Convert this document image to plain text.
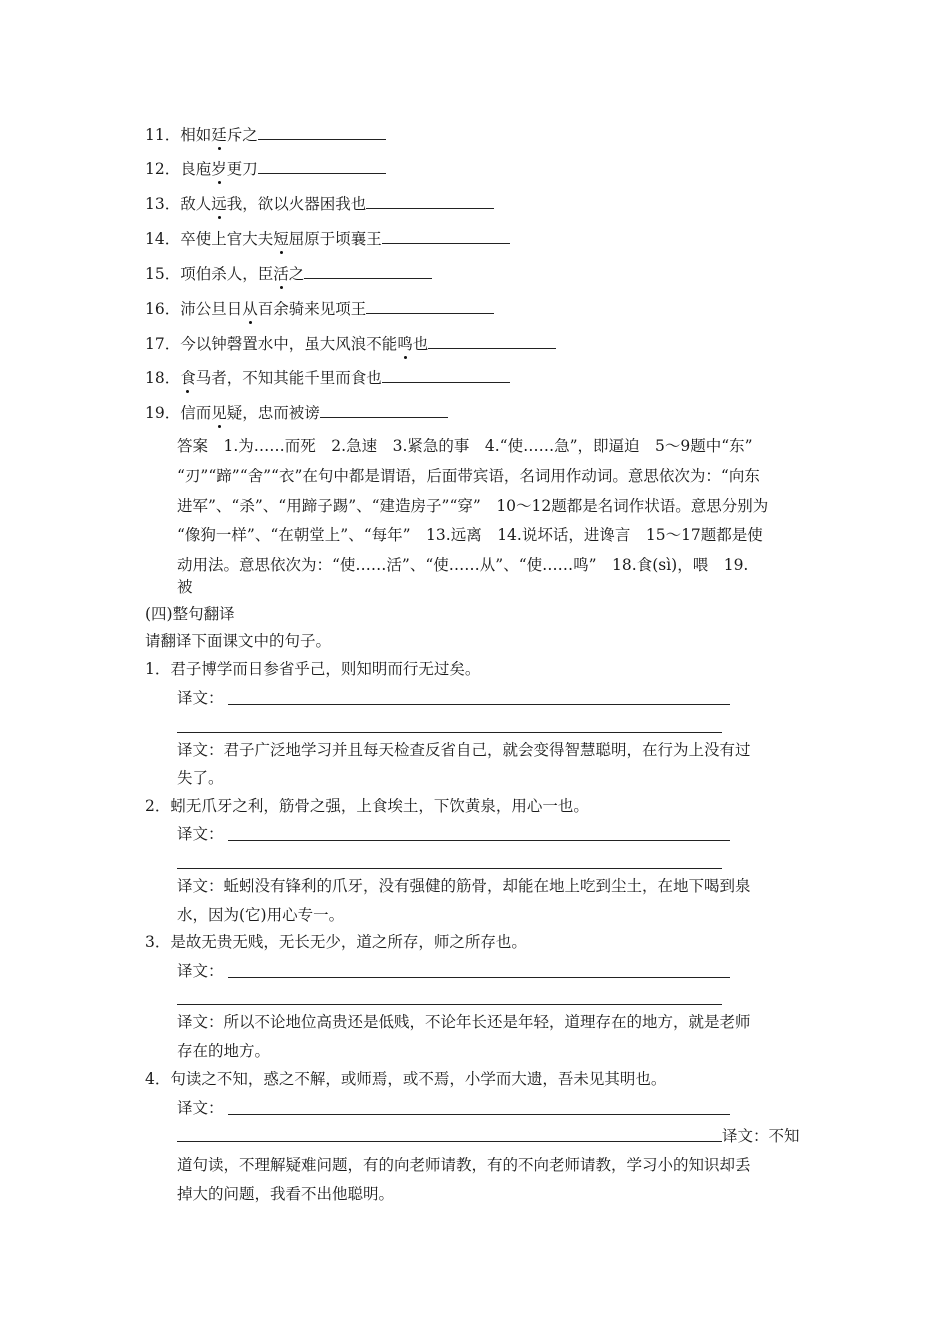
11．相如廷斥之
12．良庖岁更刀
13．敌人远我，欲以火器困我也
14．卒使上官大夫短屈原于顷襄王
15．项伯杀人，臣活之
16．沛公旦日从百余骑来见项王
17．今以钟磬置水中，虽大风浪不能鸣也
18．食马者，不知其能千里而食也
19．信而见疑，忠而被谤
答案　1.为……而死　2.急速　3.紧急的事　4.“使……急”，即逼迫　5～9题中“东”
“刃”“蹄”“舍”“衣”在句中都是谓语，后面带宾语，名词用作动词。意思依次为：“向东
进军”、“杀”、“用蹄子踢”、“建造房子”“穿”　10～12题都是名词作状语。意思分别为
“像狗一样”、“在朝堂上”、“每年”　13.远离　14.说坏话，进谗言　15～17题都是使
动用法。意思依次为：“使……活”、“使……从”、“使……鸣”　18.食(sì)，喂　19.
被
(四)整句翻译
请翻译下面课文中的句子。
1．君子博学而日参省乎己，则知明而行无过矣。
译文：
译文：君子广泛地学习并且每天检查反省自己，就会变得智慧聪明，在行为上没有过
失了。
2．蚓无爪牙之利，筋骨之强，上食埃土，下饮黄泉，用心一也。
译文：
译文：蚯蚓没有锋利的爪牙，没有强健的筋骨，却能在地上吃到尘土，在地下喝到泉
水，因为(它)用心专一。
3．是故无贵无贱，无长无少，道之所存，师之所存也。
译文：
译文：所以不论地位高贵还是低贱，不论年长还是年轻，道理存在的地方，就是老师
存在的地方。
4．句读之不知，惑之不解，或师焉，或不焉，小学而大遗，吾未见其明也。
译文：
译文：不知
道句读，不理解疑难问题，有的向老师请教，有的不向老师请教，学习小的知识却丢
掉大的问题，我看不出他聪明。
